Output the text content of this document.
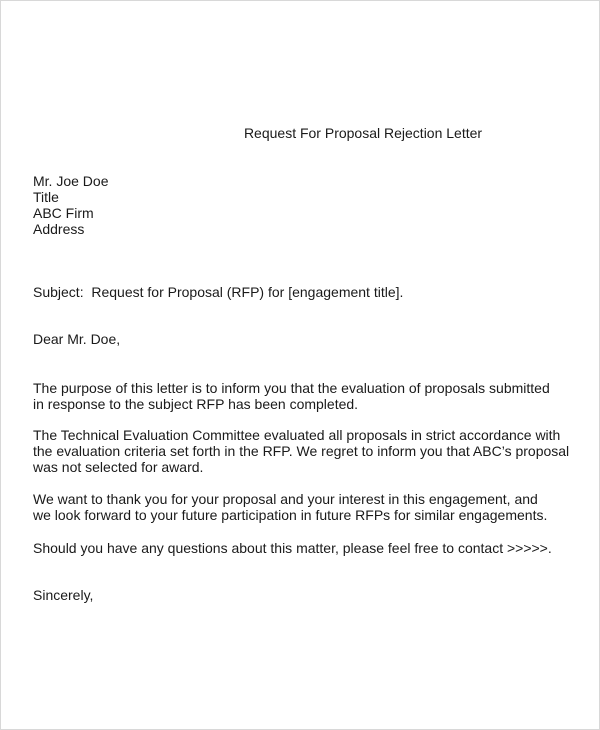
Request For Proposal Rejection Letter
Mr. Joe Doe
Title
ABC Firm
Address
Subject:  Request for Proposal (RFP) for [engagement title].
Dear Mr. Doe,

The purpose of this letter is to inform you that the evaluation of proposals submitted in response to the subject RFP has been completed.

The Technical Evaluation Committee evaluated all proposals in strict accordance with the evaluation criteria set forth in the RFP. We regret to inform you that ABC’s proposal was not selected for award.

We want to thank you for your proposal and your interest in this engagement, and we look forward to your future participation in future RFPs for similar engagements.

Should you have any questions about this matter, please feel free to contact >>>>>.

Sincerely,
